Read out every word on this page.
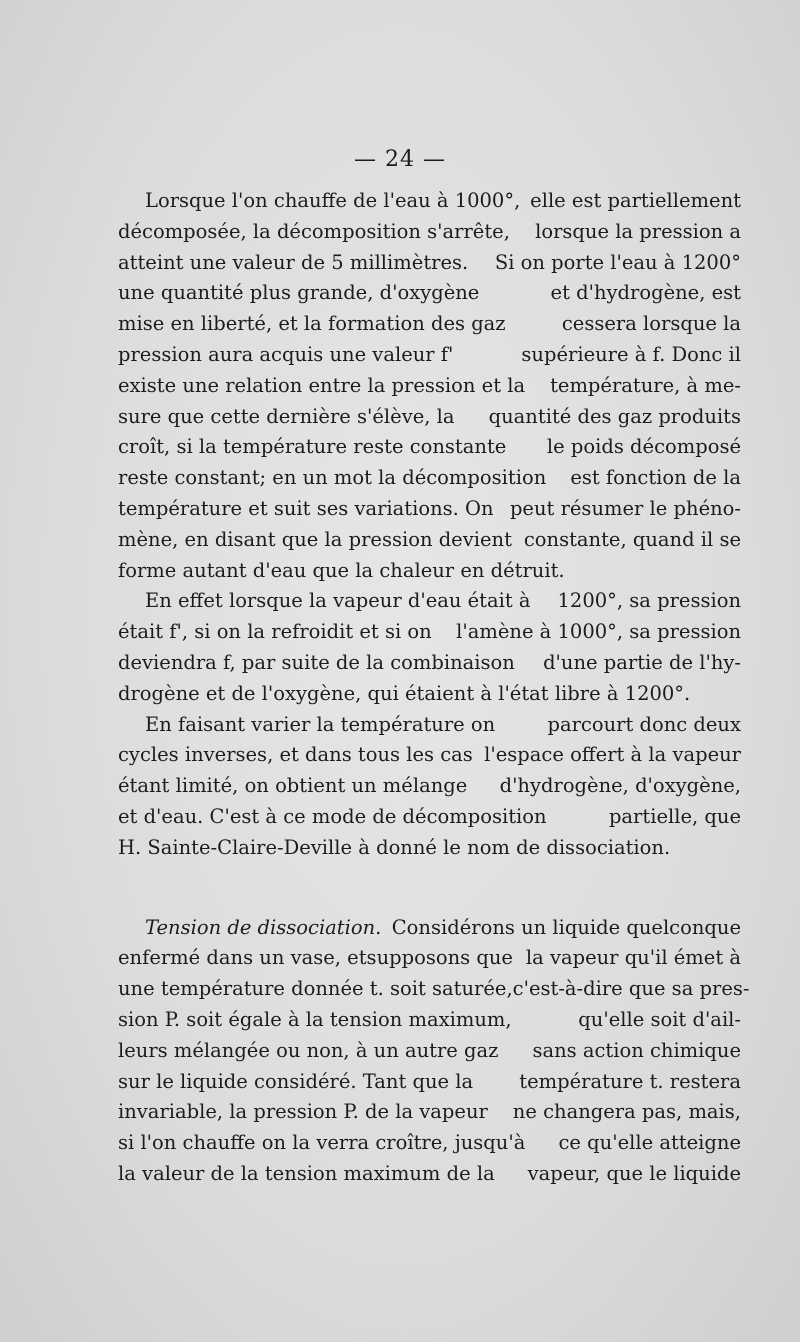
— 24 —
Lorsque l'on chauffe de l'eau à 1000°, elle est partiellement
décomposée, la décomposition s'arrête, lorsque la pression a
atteint une valeur de 5 millimètres. Si on porte l'eau à 1200°
une quantité plus grande, d'oxygène	et d'hydrogène, est
mise en liberté, et la formation des gaz	cessera lorsque la
pression aura acquis une valeur f'	supérieure à f. Donc il
existe une relation entre la pression et la température, à me-
sure que cette dernière s'élève, la quantité des gaz produits
croît, si la température reste constante le poids décomposé
reste constant; en un mot la décomposition est fonction de la
température et suit ses variations. On peut résumer le phéno-
mène, en disant que la pression devient constante, quand il se
forme autant d'eau que la chaleur en détruit.
En effet lorsque la vapeur d'eau était à 1200°, sa pression
était f', si on la refroidit et si on l'amène à 1000°, sa pression
deviendra f, par suite de la combinaison d'une partie de l'hy-
drogène et de l'oxygène, qui étaient à l'état libre à 1200°.
En faisant varier la température on	parcourt donc deux
cycles inverses, et dans tous les cas l'espace offert à la vapeur
étant limité, on obtient un mélange d'hydrogène, d'oxygène,
et d'eau. C'est à ce mode de décomposition	partielle, que
H. Sainte-Claire-Deville à donné le nom de dissociation.
Tension de dissociation. Considérons un liquide quelconque
enfermé dans un vase, etsupposons que la vapeur qu'il émet à
une température donnée t. soit saturée, c'est-à-dire que sa pres-
sion P. soit égale à la tension maximum,	qu'elle soit d'ail-
leurs mélangée ou non, à un autre gaz sans action chimique
sur le liquide considéré. Tant que la température t. restera
invariable, la pression P. de la vapeur ne changera pas, mais,
si l'on chauffe on la verra croître, jusqu'à ce qu'elle atteigne
la valeur de la tension maximum de la vapeur, que le liquide
